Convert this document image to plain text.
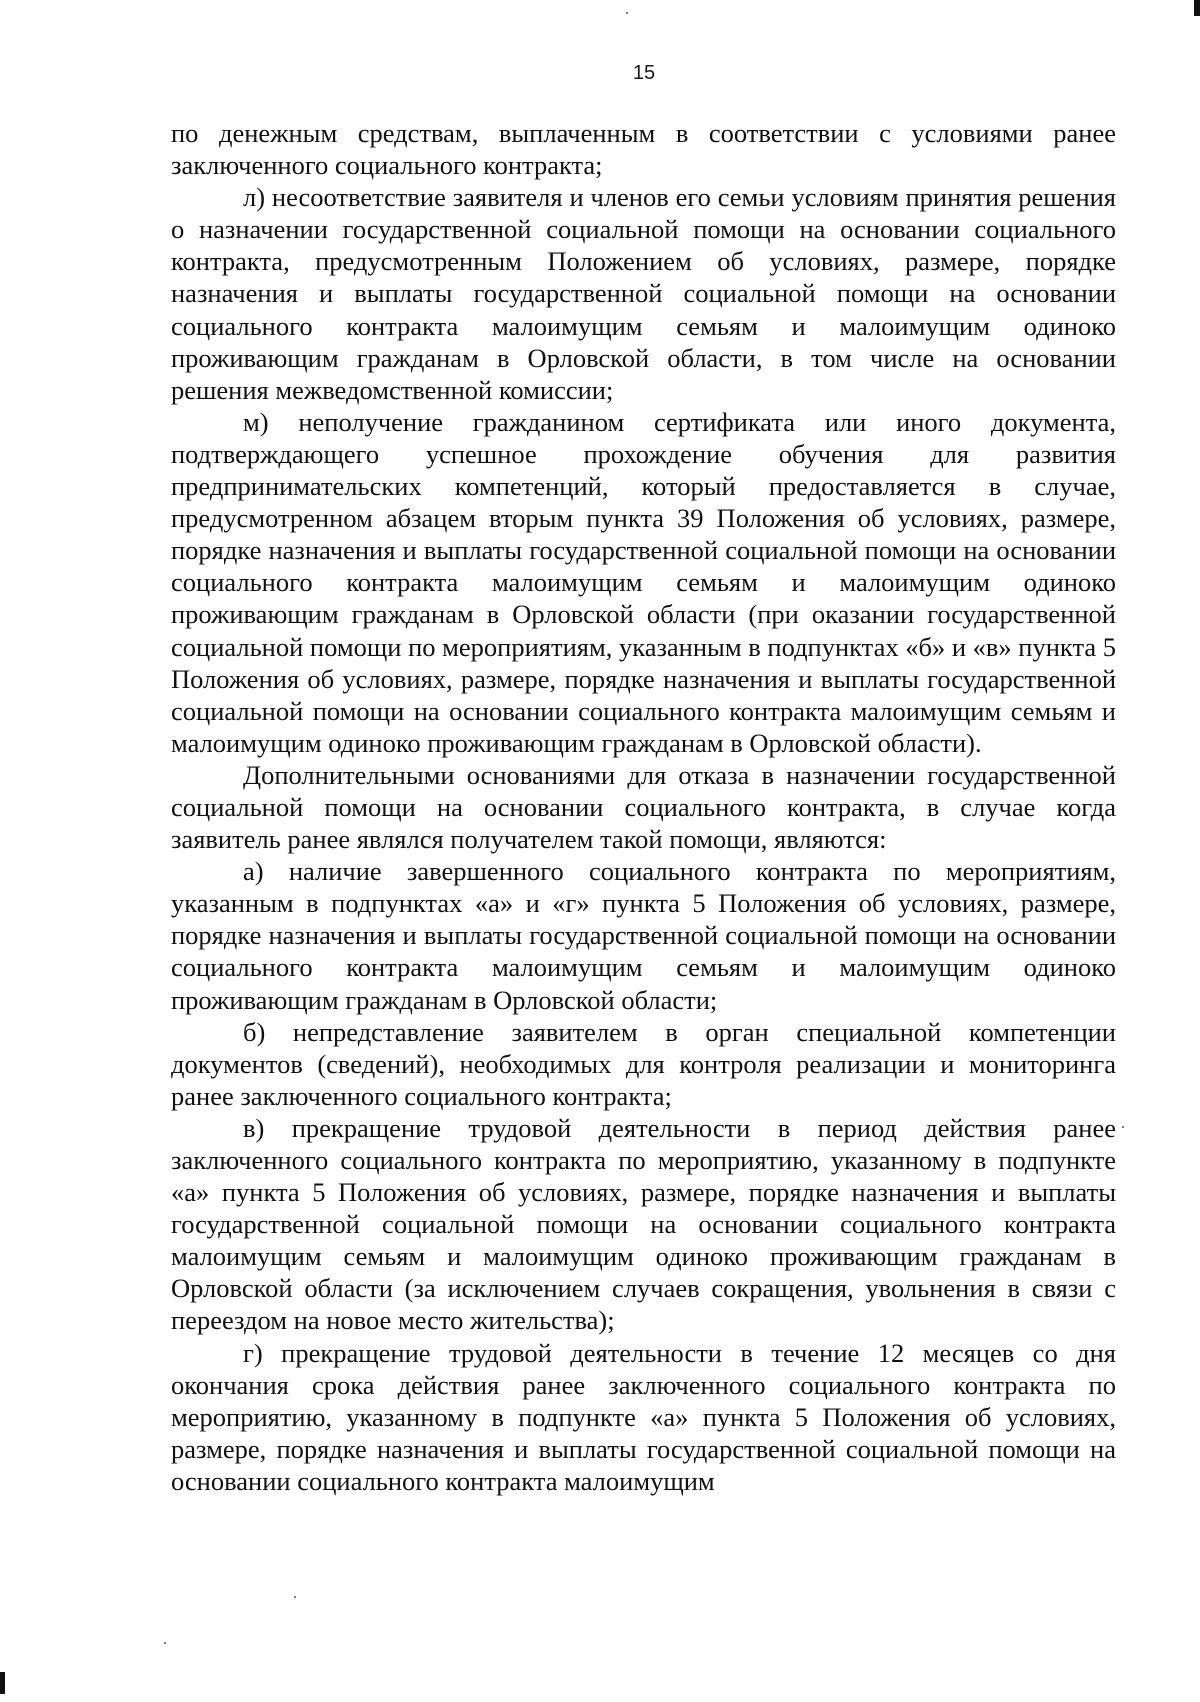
15

по денежным средствам, выплаченным в соответствии с условиями ранее заключенного социального контракта;

л) несоответствие заявителя и членов его семьи условиям принятия решения о назначении государственной социальной помощи на основании социального контракта, предусмотренным Положением об условиях, размере, порядке назначения и выплаты государственной социальной помощи на основании социального контракта малоимущим семьям и малоимущим одиноко проживающим гражданам в Орловской области, в том числе на основании решения межведомственной комиссии;

м) неполучение гражданином сертификата или иного документа, подтверждающего успешное прохождение обучения для развития предпринимательских компетенций, который предоставляется в случае, предусмотренном абзацем вторым пункта 39 Положения об условиях, размере, порядке назначения и выплаты государственной социальной помощи на основании социального контракта малоимущим семьям и малоимущим одиноко проживающим гражданам в Орловской области (при оказании государственной социальной помощи по мероприятиям, указанным в подпунктах «б» и «в» пункта 5 Положения об условиях, размере, порядке назначения и выплаты государственной социальной помощи на основании социального контракта малоимущим семьям и малоимущим одиноко проживающим гражданам в Орловской области).

Дополнительными основаниями для отказа в назначении государственной социальной помощи на основании социального контракта, в случае когда заявитель ранее являлся получателем такой помощи, являются:

а) наличие завершенного социального контракта по мероприятиям, указанным в подпунктах «а» и «г» пункта 5 Положения об условиях, размере, порядке назначения и выплаты государственной социальной помощи на основании социального контракта малоимущим семьям и малоимущим одиноко проживающим гражданам в Орловской области;

б) непредставление заявителем в орган специальной компетенции документов (сведений), необходимых для контроля реализации и мониторинга ранее заключенного социального контракта;

в) прекращение трудовой деятельности в период действия ранее заключенного социального контракта по мероприятию, указанному в подпункте «а» пункта 5 Положения об условиях, размере, порядке назначения и выплаты государственной социальной помощи на основании социального контракта малоимущим семьям и малоимущим одиноко проживающим гражданам в Орловской области (за исключением случаев сокращения, увольнения в связи с переездом на новое место жительства);

г) прекращение трудовой деятельности в течение 12 месяцев со дня окончания срока действия ранее заключенного социального контракта по мероприятию, указанному в подпункте «а» пункта 5 Положения об условиях, размере, порядке назначения и выплаты государственной социальной помощи на основании социального контракта малоимущим
